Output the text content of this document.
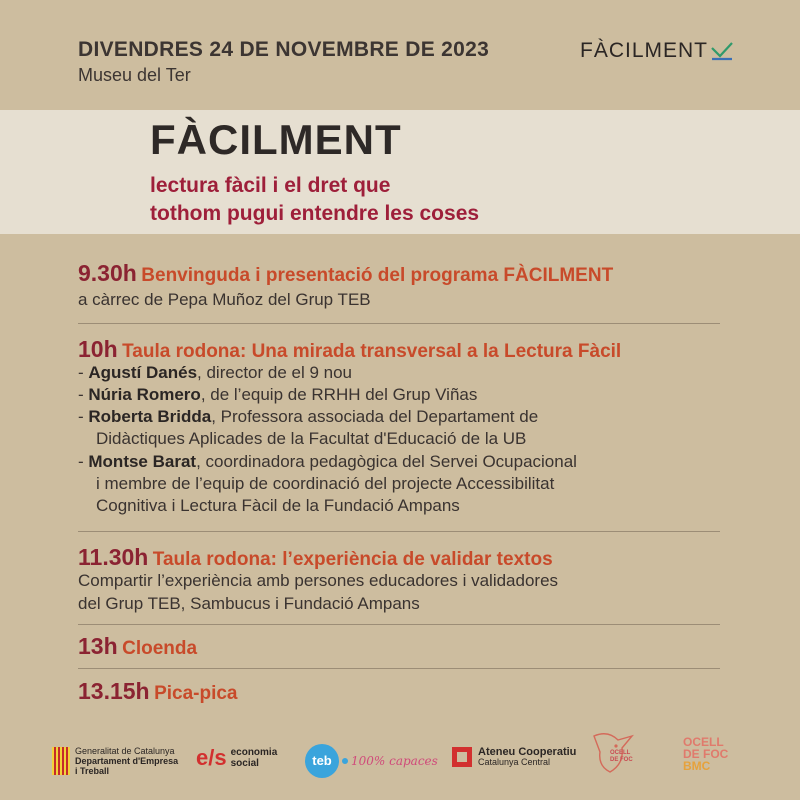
DIVENDRES 24 DE NOVEMBRE DE 2023
Museu del Ter
FÀCILMENT
FÀCILMENT
lectura fàcil i el dret que
tothom pugui entendre les coses
9.30h Benvinguda i presentació del programa FÀCILMENT
a càrrec de Pepa Muñoz del Grup TEB
10h Taula rodona: Una mirada transversal a la Lectura Fàcil
- Agustí Danés, director de el 9 nou
- Núria Romero, de l’equip de RRHH del Grup Viñas
- Roberta Bridda, Professora associada del Departament de
Didàctiques Aplicades de la Facultat d'Educació de la UB
- Montse Barat, coordinadora pedagògica del Servei Ocupacional
i membre de l’equip de coordinació del projecte Accessibilitat
Cognitiva i Lectura Fàcil de la Fundació Ampans
11.30h Taula rodona: l’experiència de validar textos
Compartir l’experiència amb persones educadores i validadores
del Grup TEB, Sambucus i Fundació Ampans
13h Cloenda
13.15h Pica-pica
Generalitat de Catalunya
Departament d'Empresa
i Treball
e/s economia
social	teb 100% capaces
Ateneu Cooperatiu
Catalunya Central
OCELL
DE FOC
OCELL
DE FOC
BMC
